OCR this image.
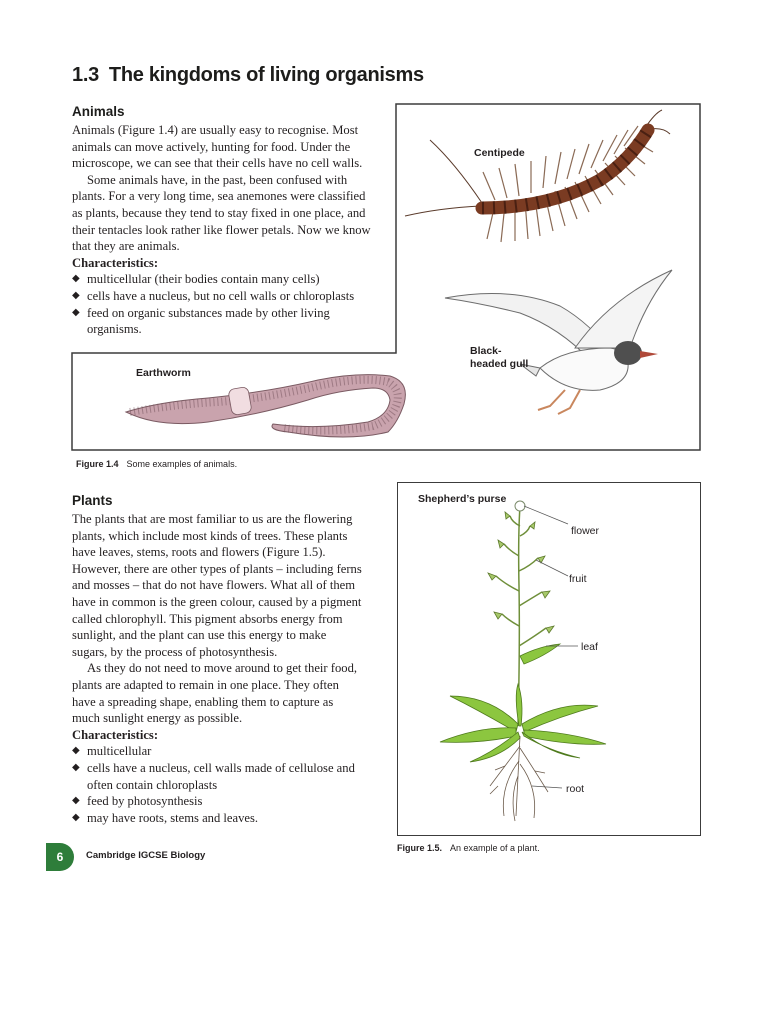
1.3 The kingdoms of living organisms
Animals

Animals (Figure 1.4) are usually easy to recognise. Most animals can move actively, hunting for food. Under the microscope, we can see that their cells have no cell walls.

Some animals have, in the past, been confused with plants. For a very long time, sea anemones were classified as plants, because they tend to stay fixed in one place, and their tentacles look rather like flower petals. Now we know that they are animals.

Characteristics:

◆ multicellular (their bodies contain many cells)
◆ cells have a nucleus, but no cell walls or chloroplasts
◆ feed on organic substances made by other living organisms.
Centipede
Black-
headed gull
Earthworm
Figure 1.4 Some examples of animals.
Plants

The plants that are most familiar to us are the flowering plants, which include most kinds of trees. These plants have leaves, stems, roots and flowers (Figure 1.5). However, there are other types of plants – including ferns and mosses – that do not have flowers. What all of them have in common is the green colour, caused by a pigment called chlorophyll. This pigment absorbs energy from sunlight, and the plant can use this energy to make sugars, by the process of photosynthesis.

As they do not need to move around to get their food, plants are adapted to remain in one place. They often have a spreading shape, enabling them to capture as much sunlight energy as possible.

Characteristics:

◆ multicellular
◆ cells have a nucleus, cell walls made of cellulose and often contain chloroplasts
◆ feed by photosynthesis
◆ may have roots, stems and leaves.
Shepherd’s purse
flower
fruit
leaf
root
Figure 1.5. An example of a plant.
6	Cambridge IGCSE Biology
